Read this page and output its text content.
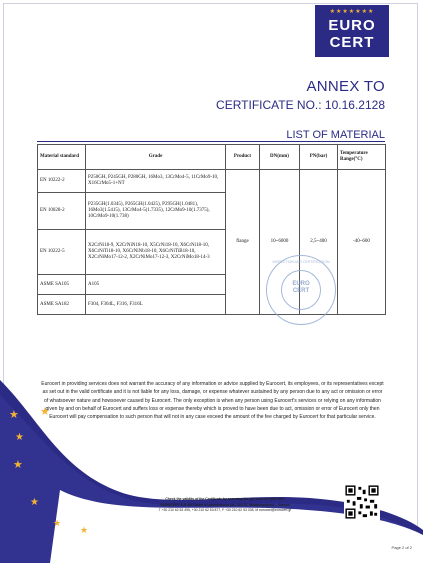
★★★★★★★
EURO
CERT
ANNEX TO
CERTIFICATE NO.: 10.16.2128
LIST OF MATERIAL
Material standard	Grade	Product	DN(mm)	PN(bar)	Temperature Range(°C)
EN 10222-2	P250GH, P245GH, P280GH, 16Mo3, 13CrMo4-5, 11CrMo9-10, X16CrMo5-1+NT	flange	10~6000	2,5~400	-40~600
EN 10028-2	P235GH(1.0345), P265GH(1.0425), P295GH(1.0481), 16Mo3(1.5415), 13CrMo4-5(1.7335), 12CrMo9-10(1.7375), 10CrMo9-10(1.738)				
EN 10222-5	X2CrNi18-9, X2CrNiN18-10, X5CrNi18-10, X6CrNi18-10, X6CrNiTi18-10, X6CrNiNb18-10, X6CrNiTiB18-10, X2CrNiMo17-12-2, X2CrNiMo17-12-3, X2CrNiMo18-14-3				
ASME SA105	A105				
ASME SA182	F304, F304L, F316, F316L				
INSPECTION AND CERTIFICATION
EURO
CERT

Eurocert in providing services does not warrant the accuracy of any information or advice supplied by Eurocert, its employees, or its representatives except as set out in the valid certificate and it is not liable for any loss, damage, or expense whatever sustained by any person due to any act or omission or error of whatsoever nature and howsoever caused by Eurocert. The only exception is when any person using Eurocert's services or relying on any information given by and on behalf of Eurocert and suffers loss or expense thereby which is proved to have been due to act, omission or error of Eurocert only then Eurocert will pay compensation to such person that will not in any case exceed the amount of the fee charged by Eurocert for that particular service.

★ ★
★
★
★
★
★
Check the validity of the Certificate by scanning the QR code at right side.
EUROCERT S.A. 89 Chlois & Lykovrisseos str., 144 52, Metamorphosis – Greece
T +30 210 62 53 495, +30 210 62 53 877, F +30 210 62 53 038, M eurocert@eurocert.gr
Page 2 of 2
